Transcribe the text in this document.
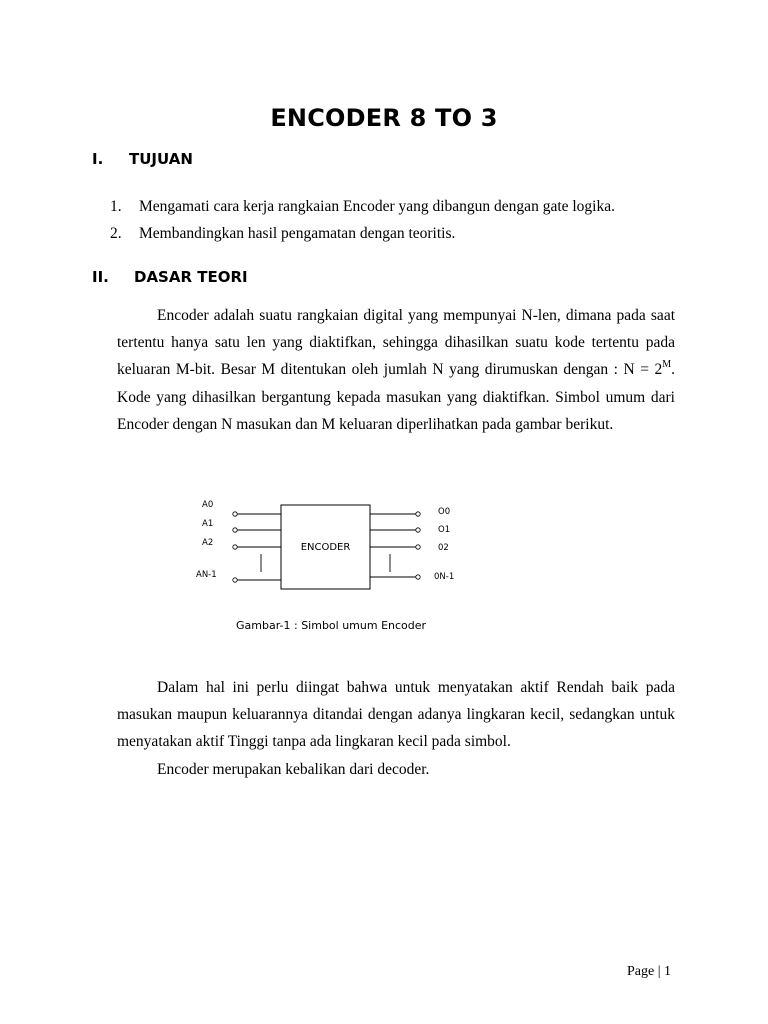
ENCODER 8 TO 3
I. TUJUAN
1. Mengamati cara kerja rangkaian Encoder yang dibangun dengan gate logika.
2. Membandingkan hasil pengamatan dengan teoritis.
II. DASAR TEORI

Encoder adalah suatu rangkaian digital yang mempunyai N-len, dimana pada saat tertentu hanya satu len yang diaktifkan, sehingga dihasilkan suatu kode tertentu pada keluaran M-bit. Besar M ditentukan oleh jumlah N yang dirumuskan dengan : $N = 2^M$. Kode yang dihasilkan bergantung kepada masukan yang diaktifkan. Simbol umum dari Encoder dengan N masukan dan M keluaran diperlihatkan pada gambar berikut.

ENCODER
A0
A1
A2
AN-1
O0
O1
02
0N-1
Gambar-1 : Simbol umum Encoder

Dalam hal ini perlu diingat bahwa untuk menyatakan aktif Rendah baik pada masukan maupun keluarannya ditandai dengan adanya lingkaran kecil, sedangkan untuk menyatakan aktif Tinggi tanpa ada lingkaran kecil pada simbol.

Encoder merupakan kebalikan dari decoder.

Page | 1
